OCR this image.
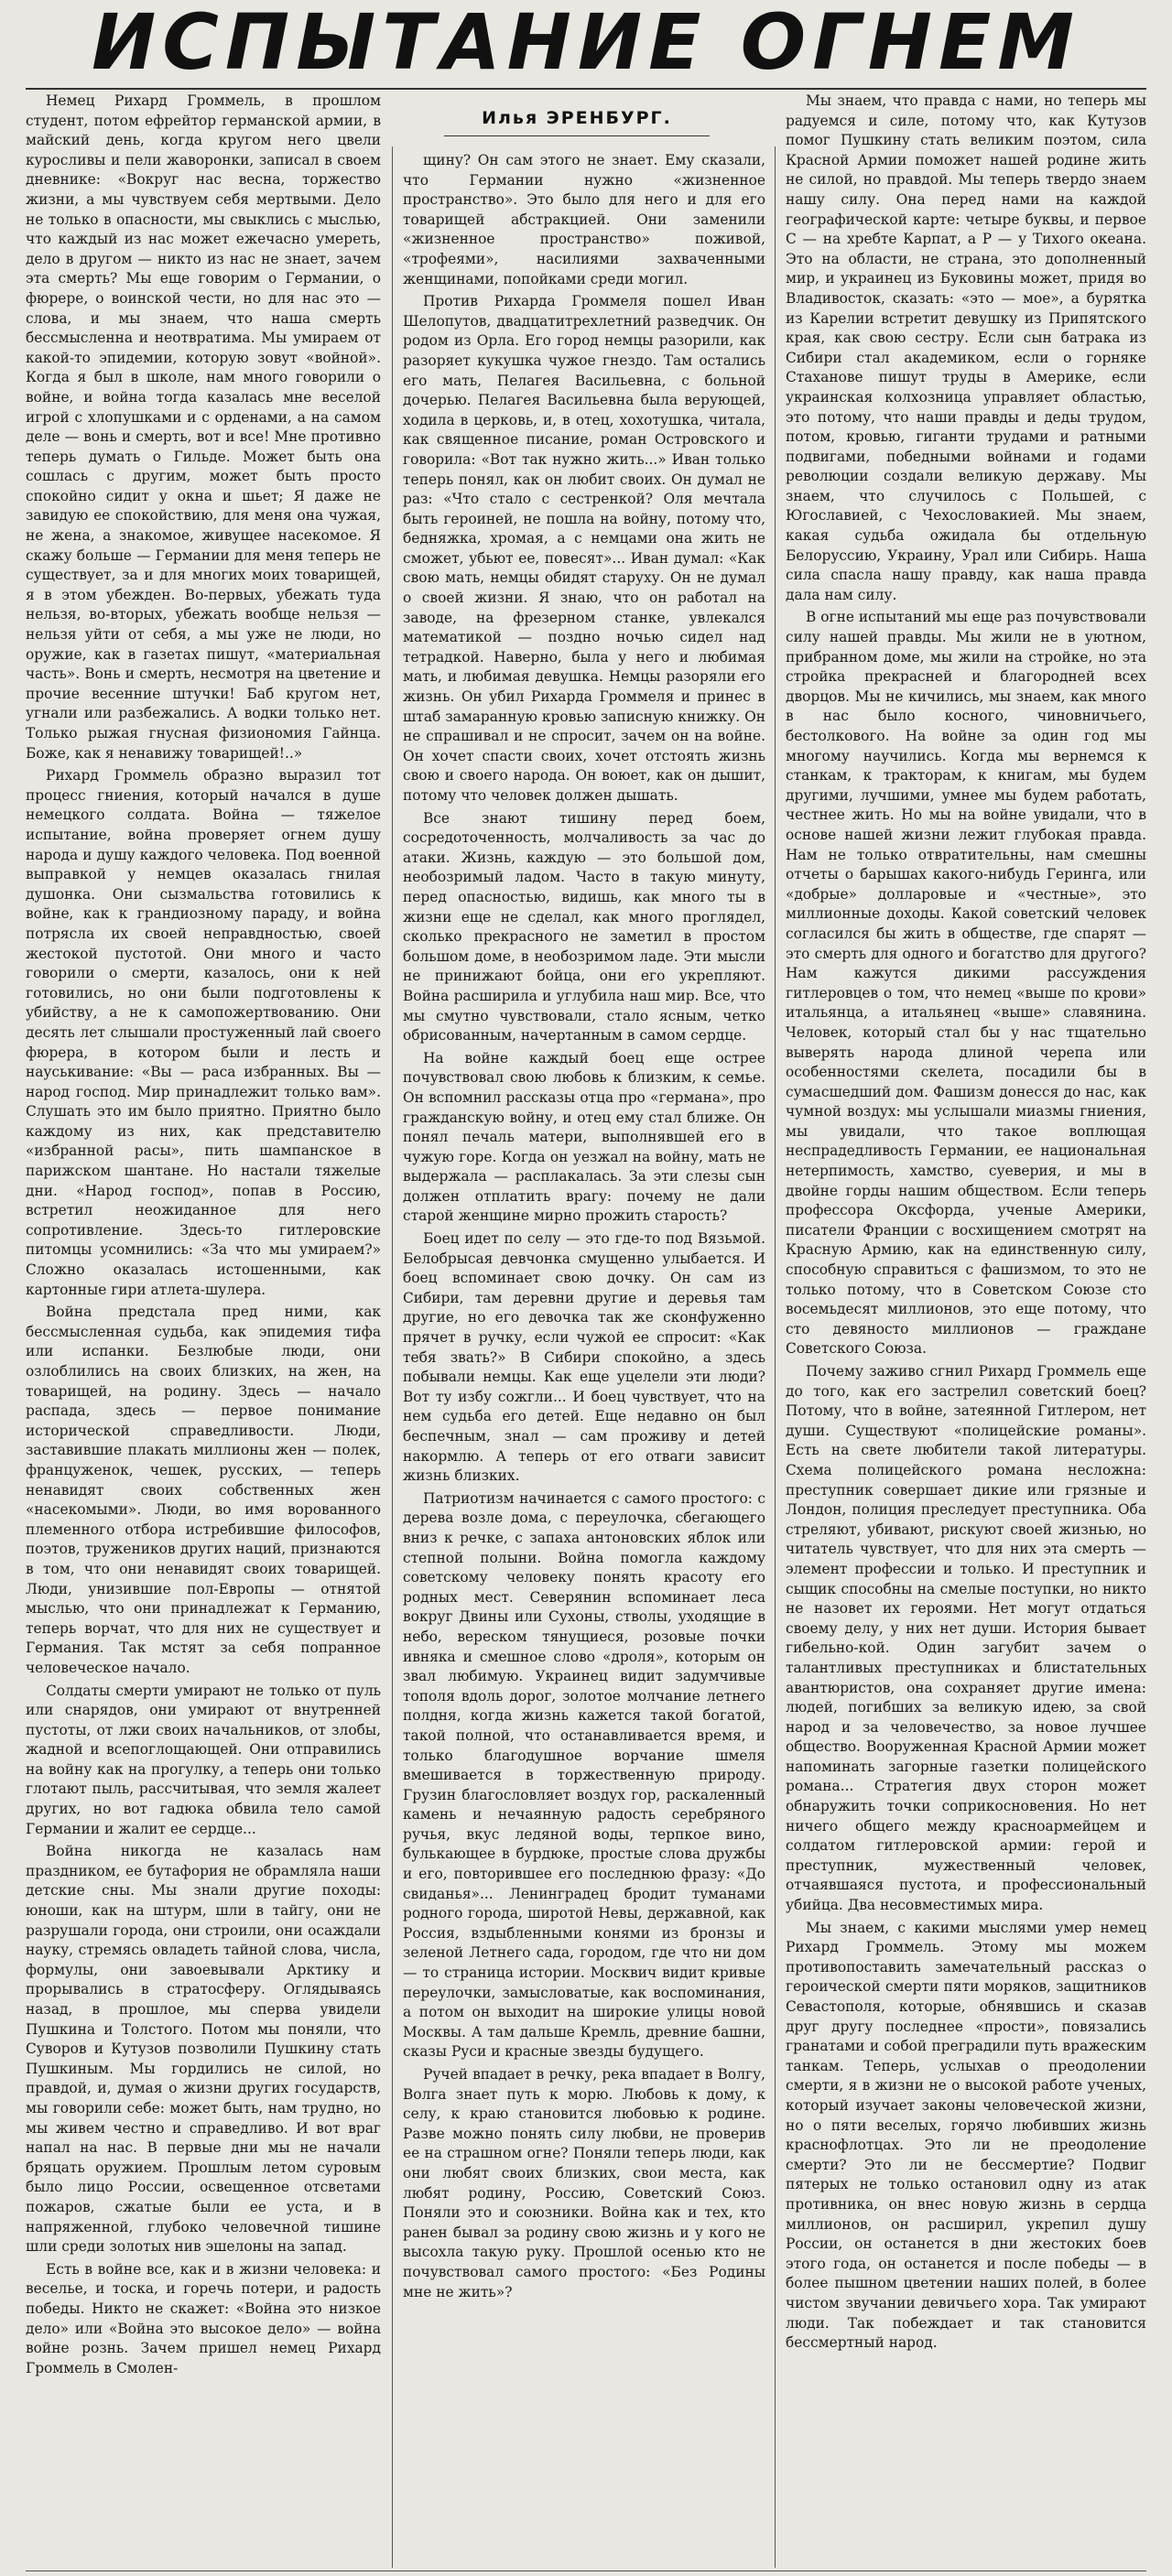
ИСПЫТАНИЕ ОГНЕМ
Илья ЭРЕНБУРГ.

Немец Рихард Громмель, в прошлом студент, потом ефрейтор германской армии, в майский день, когда кругом него цвели куросливы и пели жаворонки, записал в своем дневнике: «Вокруг нас весна, торжество жизни, а мы чувствуем себя мертвыми. Дело не только в опасности, мы свыклись с мыслью, что каждый из нас может ежечасно умереть, дело в другом — никто из нас не знает, зачем эта смерть? Мы еще говорим о Германии, о фюрере, о воинской чести, но для нас это — слова, и мы знаем, что наша смерть бессмысленна и неотвратима. Мы умираем от какой-то эпидемии, которую зовут «войной». Когда я был в школе, нам много говорили о войне, и война тогда казалась мне веселой игрой с хлопушками и с орденами, а на самом деле — вонь и смерть, вот и все! Мне противно теперь думать о Гильде. Может быть она сошлась с другим, может быть просто спокойно сидит у окна и шьет; Я даже не завидую ее спокойствию, для меня она чужая, не жена, а знакомое, живущее насекомое. Я скажу больше — Германии для меня теперь не существует, за и для многих моих товарищей, я в этом убежден. Во-первых, убежать туда нельзя, во-вторых, убежать вообще нельзя — нельзя уйти от себя, а мы уже не люди, но оружие, как в газетах пишут, «материальная часть». Вонь и смерть, несмотря на цветение и прочие весенние штучки! Баб кругом нет, угнали или разбежались. А водки только нет. Только рыжая гнусная физиономия Гайнца. Боже, как я ненавижу товарищей!..»

Рихард Громмель образно выразил тот процесс гниения, который начался в душе немецкого солдата. Война — тяжелое испытание, война проверяет огнем душу народа и душу каждого человека. Под военной выправкой у немцев оказалась гнилая душонка. Они сызмальства готовились к войне, как к грандиозному параду, и война потрясла их своей неправдностью, своей жестокой пустотой. Они много и часто говорили о смерти, казалось, они к ней готовились, но они были подготовлены к убийству, а не к самопожертвованию. Они десять лет слышали простуженный лай своего фюрера, в котором были и лесть и науськивание: «Вы — раса избранных. Вы — народ господ. Мир принадлежит только вам». Слушать это им было приятно. Приятно было каждому из них, как представителю «избранной расы», пить шампанское в парижском шантане. Но настали тяжелые дни. «Народ господ», попав в Россию, встретил неожиданное для него сопротивление. Здесь-то гитлеровские питомцы усомнились: «За что мы умираем?» Сложно оказалась истошенными, как картонные гири атлета-шулера.

Война предстала пред ними, как бессмысленная судьба, как эпидемия тифа или испанки. Безлюбые люди, они озлоблились на своих близких, на жен, на товарищей, на родину. Здесь — начало распада, здесь — первое понимание исторической справедливости. Люди, заставившие плакать миллионы жен — полек, француженок, чешек, русских, — теперь ненавидят своих собственных жен «насекомыми». Люди, во имя ворованного племенного отбора истребившие философов, поэтов, тружеников других наций, признаются в том, что они ненавидят своих товарищей. Люди, унизившие пол-Европы — отнятой мыслью, что они принадлежат к Германию, теперь ворчат, что для них не существует и Германия. Так мстят за себя попранное человеческое начало.

Солдаты смерти умирают не только от пуль или снарядов, они умирают от внутренней пустоты, от лжи своих начальников, от злобы, жадной и всепоглощающей. Они отправились на войну как на прогулку, а теперь они только глотают пыль, рассчитывая, что земля жалеет других, но вот гадюка обвила тело самой Германии и жалит ее сердце...

Война никогда не казалась нам праздником, ее бутафория не обрамляла наши детские сны. Мы знали другие походы: юноши, как на штурм, шли в тайгу, они не разрушали города, они строили, они осаждали науку, стремясь овладеть тайной слова, числа, формулы, они завоевывали Арктику и прорывались в стратосферу. Оглядываясь назад, в прошлое, мы сперва увидели Пушкина и Толстого. Потом мы поняли, что Суворов и Кутузов позволили Пушкину стать Пушкиным. Мы гордились не силой, но правдой, и, думая о жизни других государств, мы говорили себе: может быть, нам трудно, но мы живем честно и справедливо. И вот враг напал на нас. В первые дни мы не начали бряцать оружием. Прошлым летом суровым было лицо России, освещенное отсветами пожаров, сжатые были ее уста, и в напряженной, глубоко человечной тишине шли среди золотых нив эшелоны на запад.

Есть в войне все, как и в жизни человека: и веселье, и тоска, и горечь потери, и радость победы. Никто не скажет: «Война это низкое дело» или «Война это высокое дело» — война войне рознь. Зачем пришел немец Рихард Громмель в Смолен-

щину? Он сам этого не знает. Ему сказали, что Германии нужно «жизненное пространство». Это было для него и для его товарищей абстракцией. Они заменили «жизненное пространство» поживой, «трофеями», насилиями захваченными женщинами, попойками среди могил.

Против Рихарда Громмеля пошел Иван Шелопутов, двадцатитрехлетний разведчик. Он родом из Орла. Его город немцы разорили, как разоряет кукушка чужое гнездо. Там остались его мать, Пелагея Васильевна, с больной дочерью. Пелагея Васильевна была верующей, ходила в церковь, и, в отец, хохотушка, читала, как священное писание, роман Островского и говорила: «Вот так нужно жить...» Иван только теперь понял, как он любит своих. Он думал не раз: «Что стало с сестренкой? Оля мечтала быть героиней, не пошла на войну, потому что, бедняжка, хромая, а с немцами она жить не сможет, убьют ее, повесят»... Иван думал: «Как свою мать, немцы обидят старуху. Он не думал о своей жизни. Я знаю, что он работал на заводе, на фрезерном станке, увлекался математикой — поздно ночью сидел над тетрадкой. Наверно, была у него и любимая мать, и любимая девушка. Немцы разоряли его жизнь. Он убил Рихарда Громмеля и принес в штаб замаранную кровью записную книжку. Он не спрашивал и не спросит, зачем он на войне. Он хочет спасти своих, хочет отстоять жизнь свою и своего народа. Он воюет, как он дышит, потому что человек должен дышать.

Все знают тишину перед боем, сосредоточенность, молчаливость за час до атаки. Жизнь, каждую — это большой дом, необозримый ладом. Часто в такую минуту, перед опасностью, видишь, как много ты в жизни еще не сделал, как много проглядел, сколько прекрасного не заметил в простом большом доме, в необозримом ладе. Эти мысли не принижают бойца, они его укрепляют. Война расширила и углубила наш мир. Все, что мы смутно чувствовали, стало ясным, четко обрисованным, начертанным в самом сердце.

На войне каждый боец еще острее почувствовал свою любовь к близким, к семье. Он вспомнил рассказы отца про «германа», про гражданскую войну, и отец ему стал ближе. Он понял печаль матери, выполнявшей его в чужую горе. Когда он уезжал на войну, мать не выдержала — расплакалась. За эти слезы сын должен отплатить врагу: почему не дали старой женщине мирно прожить старость?

Боец идет по селу — это где-то под Вязьмой. Белобрысая девчонка смущенно улыбается. И боец вспоминает свою дочку. Он сам из Сибири, там деревни другие и деревья там другие, но его девочка так же сконфуженно прячет в ручку, если чужой ее спросит: «Как тебя звать?» В Сибири спокойно, а здесь побывали немцы. Как еще уцелели эти люди? Вот ту избу сожгли... И боец чувствует, что на нем судьба его детей. Еще недавно он был беспечным, знал — сам проживу и детей накормлю. А теперь от его отваги зависит жизнь близких.

Патриотизм начинается с самого простого: с дерева возле дома, с переулочка, сбегающего вниз к речке, с запаха антоновских яблок или степной полыни. Война помогла каждому советскому человеку понять красоту его родных мест. Северянин вспоминает леса вокруг Двины или Сухоны, стволы, уходящие в небо, вереском тянущиеся, розовые почки ивняка и смешное слово «дроля», которым он звал любимую. Украинец видит задумчивые тополя вдоль дорог, золотое молчание летнего полдня, когда жизнь кажется такой богатой, такой полной, что останавливается время, и только благодушное ворчание шмеля вмешивается в торжественную природу. Грузин благословляет воздух гор, раскаленный камень и нечаянную радость серебряного ручья, вкус ледяной воды, терпкое вино, булькающее в бурдюке, простые слова дружбы и его, повторившее его последнюю фразу: «До свиданья»... Ленинградец бродит туманами родного города, широтой Невы, державной, как Россия, вздыбленными конями из бронзы и зеленой Летнего сада, городом, где что ни дом — то страница истории. Москвич видит кривые переулочки, замысловатые, как воспоминания, а потом он выходит на широкие улицы новой Москвы. А там дальше Кремль, древние башни, сказы Руси и красные звезды будущего.

Ручей впадает в речку, река впадает в Волгу, Волга знает путь к морю. Любовь к дому, к селу, к краю становится любовью к родине. Разве можно понять силу любви, не проверив ее на страшном огне? Поняли теперь люди, как они любят своих близких, свои места, как любят родину, Россию, Советский Союз. Поняли это и союзники. Война как и тех, кто ранен бывал за родину свою жизнь и у кого не высохла такую руку. Прошлой осенью кто не почувствовал самого простого: «Без Родины мне не жить»?

Мы знаем, что правда с нами, но теперь мы радуемся и силе, потому что, как Кутузов помог Пушкину стать великим поэтом, сила Красной Армии поможет нашей родине жить не силой, но правдой. Мы теперь твердо знаем нашу силу. Она перед нами на каждой географической карте: четыре буквы, и первое С — на хребте Карпат, а Р — у Тихого океана. Это на области, не страна, это дополненный мир, и украинец из Буковины может, придя во Владивосток, сказать: «это — мое», а бурятка из Карелии встретит девушку из Припятского края, как свою сестру. Если сын батрака из Сибири стал академиком, если о горняке Стаханове пишут труды в Америке, если украинская колхозница управляет областью, это потому, что наши правды и деды трудом, потом, кровью, гиганти трудами и ратными подвигами, победными войнами и годами революции создали великую державу. Мы знаем, что случилось с Польшей, с Югославией, с Чехословакией. Мы знаем, какая судьба ожидала бы отдельную Белоруссию, Украину, Урал или Сибирь. Наша сила спасла нашу правду, как наша правда дала нам силу.

В огне испытаний мы еще раз почувствовали силу нашей правды. Мы жили не в уютном, прибранном доме, мы жили на стройке, но эта стройка прекрасней и благородней всех дворцов. Мы не кичились, мы знаем, как много в нас было косного, чиновничьего, бестолкового. На войне за один год мы многому научились. Когда мы вернемся к станкам, к тракторам, к книгам, мы будем другими, лучшими, умнее мы будем работать, честнее жить. Но мы на войне увидали, что в основе нашей жизни лежит глубокая правда. Нам не только отвратительны, нам смешны отчеты о барышах какого-нибудь Геринга, или «добрые» долларовые и «честные», это миллионные доходы. Какой советский человек согласился бы жить в обществе, где спарят — это смерть для одного и богатство для другого? Нам кажутся дикими рассуждения гитлеровцев о том, что немец «выше по крови» итальянца, а итальянец «выше» славянина. Человек, который стал бы у нас тщательно выверять народа длиной черепа или особенностями скелета, посадили бы в сумасшедший дом. Фашизм донесся до нас, как чумной воздух: мы услышали миазмы гниения, мы увидали, что такое воплющая неспрадедливость Германии, ее национальная нетерпимость, хамство, суеверия, и мы в двойне горды нашим обществом. Если теперь профессора Оксфорда, ученые Америки, писатели Франции с восхищением смотрят на Красную Армию, как на единственную силу, способную справиться с фашизмом, то это не только потому, что в Советском Союзе сто восемьдесят миллионов, это еще потому, что сто девяносто миллионов — граждане Советского Союза.

Почему заживо сгнил Рихард Громмель еще до того, как его застрелил советский боец? Потому, что в войне, затеянной Гитлером, нет души. Существуют «полицейские романы». Есть на свете любители такой литературы. Схема полицейского романа несложна: преступник совершает дикие или грязные и Лондон, полиция преследует преступника. Оба стреляют, убивают, рискуют своей жизнью, но читатель чувствует, что для них эта смерть — элемент профессии и только. И преступник и сыщик способны на смелые поступки, но никто не назовет их героями. Нет могут отдаться своему делу, у них нет души. История бывает гибельно-кой. Один загубит зачем о талантливых преступниках и блистательных авантюристов, она сохраняет другие имена: людей, погибших за великую идею, за свой народ и за человечество, за новое лучшее общество. Вооруженная Красной Армии может напоминать загорные газетки полицейского романа... Стратегия двух сторон может обнаружить точки соприкосновения. Но нет ничего общего между красноармейцем и солдатом гитлеровской армии: герой и преступник, мужественный человек, отчаявшаяся пустота, и профессиональный убийца. Два несовместимых мира.

Мы знаем, с какими мыслями умер немец Рихард Громмель. Этому мы можем противопоставить замечательный рассказ о героической смерти пяти моряков, защитников Севастополя, которые, обнявшись и сказав друг другу последнее «прости», повязались гранатами и собой преградили путь вражеским танкам. Теперь, услыхав о преодолении смерти, я в жизни не о высокой работе ученых, который изучает законы человеческой жизни, но о пяти веселых, горячо любивших жизнь краснофлотцах. Это ли не преодоление смерти? Это ли не бессмертие? Подвиг пятерых не только остановил одну из атак противника, он внес новую жизнь в сердца миллионов, он расширил, укрепил душу России, он останется в дни жестоких боев этого года, он останется и после победы — в более пышном цветении наших полей, в более чистом звучании девичьего хора. Так умирают люди. Так побеждает и так становится бессмертный народ.
